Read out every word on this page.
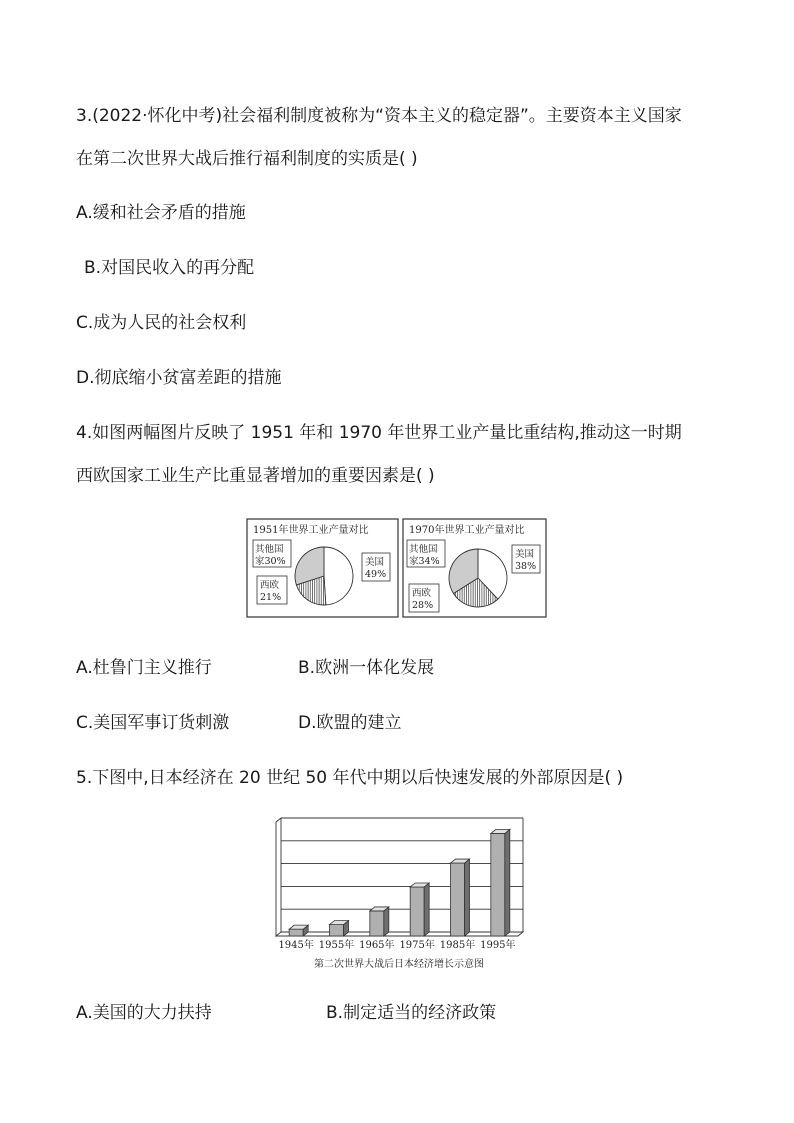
3.(2022·怀化中考)社会福利制度被称为“资本主义的稳定器”。主要资本主义国家
在第二次世界大战后推行福利制度的实质是( )
A.缓和社会矛盾的措施
B.对国民收入的再分配
C.成为人民的社会权利
D.彻底缩小贫富差距的措施
4.如图两幅图片反映了 1951 年和 1970 年世界工业产量比重结构,推动这一时期
西欧国家工业生产比重显著增加的重要因素是( )
1951年世界工业产量对比
其他国
家30%	美国
49%
西欧
21%
1970年世界工业产量对比
其他国
家34%
美国
38%
西欧
28%
A.杜鲁门主义推行	B.欧洲一体化发展
C.美国军事订货刺激	D.欧盟的建立
5.下图中,日本经济在 20 世纪 50 年代中期以后快速发展的外部原因是( )
1945年 1955年 1965年 1975年 1985年 1995年
第二次世界大战后日本经济增长示意图
A.美国的大力扶持	B.制定适当的经济政策
